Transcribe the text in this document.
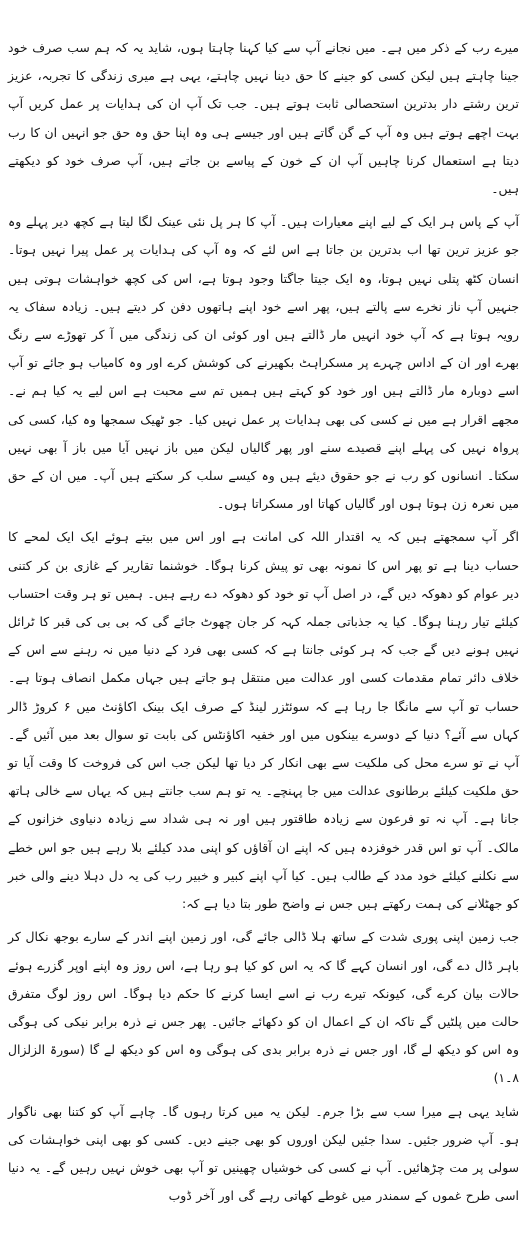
میرے رب کے ذکر میں ہے۔ میں نجانے آپ سے کیا کہنا چاہتا ہوں، شاید یہ کہ ہم سب صرف خود جینا چاہتے ہیں لیکن کسی کو جینے کا حق دینا نہیں چاہتے، یہی ہے میری زندگی کا تجربہ، عزیز ترین رشتے دار بدترین استحصالی ثابت ہوتے ہیں۔ جب تک آپ ان کی ہدایات پر عمل کریں آپ بہت اچھے ہوتے ہیں وہ آپ کے گن گاتے ہیں اور جیسے ہی وہ اپنا حق وہ حق جو انہیں ان کا رب دیتا ہے استعمال کرنا چاہیں آپ ان کے خون کے پیاسے بن جاتے ہیں، آپ صرف خود کو دیکھتے ہیں۔

آپ کے پاس ہر ایک کے لیے اپنے معیارات ہیں۔ آپ کا ہر پل نئی عینک لگا لیتا ہے کچھ دیر پہلے وہ جو عزیز ترین تھا اب بدترین بن جاتا ہے اس لئے کہ وہ آپ کی ہدایات پر عمل پیرا نہیں ہوتا۔ انسان کٹھ پتلی نہیں ہوتا، وہ ایک جیتا جاگتا وجود ہوتا ہے، اس کی کچھ خواہشات ہوتی ہیں جنہیں آپ ناز نخرے سے پالتے ہیں، پھر اسے خود اپنے ہاتھوں دفن کر دیتے ہیں۔ زیادہ سفاک یہ رویہ ہوتا ہے کہ آپ خود انہیں مار ڈالتے ہیں اور کوئی ان کی زندگی میں آ کر تھوڑے سے رنگ بھرے اور ان کے اداس چہرے پر مسکراہٹ بکھیرنے کی کوشش کرے اور وہ کامیاب ہو جائے تو آپ اسے دوبارہ مار ڈالتے ہیں اور خود کو کہتے ہیں ہمیں تم سے محبت ہے اس لیے یہ کیا ہم نے۔ مجھے اقرار ہے میں نے کسی کی بھی ہدایات پر عمل نہیں کیا۔ جو ٹھیک سمجھا وہ کیا، کسی کی پرواہ نہیں کی پہلے اپنے قصیدے سنے اور پھر گالیاں لیکن میں باز نہیں آیا میں باز آ بھی نہیں سکتا۔ انسانوں کو رب نے جو حقوق دیئے ہیں وہ کیسے سلب کر سکتے ہیں آپ۔ میں ان کے حق میں نعرہ زن ہوتا ہوں اور گالیاں کھاتا اور مسکراتا ہوں۔

اگر آپ سمجھتے ہیں کہ یہ اقتدار اللہ کی امانت ہے اور اس میں بیتے ہوئے ایک ایک لمحے کا حساب دینا ہے تو پھر اس کا نمونہ بھی تو پیش کرنا ہوگا۔ خوشنما تقاریر کے غازی بن کر کتنی دیر عوام کو دھوکہ دیں گے، در اصل آپ تو خود کو دھوکہ دے رہے ہیں۔ ہمیں تو ہر وقت احتساب کیلئے تیار رہنا ہوگا۔ کیا یہ جذباتی جملہ کہہ کر جان چھوٹ جائے گی کہ بی بی کی قبر کا ٹرائل نہیں ہونے دیں گے جب کہ ہر کوئی جانتا ہے کہ کسی بھی فرد کے دنیا میں نہ رہنے سے اس کے خلاف دائر تمام مقدمات کسی اور عدالت میں منتقل ہو جاتے ہیں جہاں مکمل انصاف ہوتا ہے۔ حساب تو آپ سے مانگا جا رہا ہے کہ سوئٹزر لینڈ کے صرف ایک بینک اکاؤنٹ میں ۶ کروڑ ڈالر کہاں سے آئے؟ دنیا کے دوسرے بینکوں میں اور خفیہ اکاؤنٹس کی بابت تو سوال بعد میں آئیں گے۔ آپ نے تو سرے محل کی ملکیت سے بھی انکار کر دیا تھا لیکن جب اس کی فروخت کا وقت آیا تو حق ملکیت کیلئے برطانوی عدالت میں جا پہنچے۔ یہ تو ہم سب جانتے ہیں کہ یہاں سے خالی ہاتھ جانا ہے۔ آپ نہ تو فرعون سے زیادہ طاقتور ہیں اور نہ ہی شداد سے زیادہ دنیاوی خزانوں کے مالک۔ آپ تو اس قدر خوفزدہ ہیں کہ اپنے ان آقاؤں کو اپنی مدد کیلئے بلا رہے ہیں جو اس خطے سے نکلنے کیلئے خود مدد کے طالب ہیں۔ کیا آپ اپنے کبیر و خبیر رب کی یہ دل دہلا دینے والی خبر کو جھٹلانے کی ہمت رکھتے ہیں جس نے واضح طور بتا دیا ہے کہ:

جب زمین اپنی پوری شدت کے ساتھ ہلا ڈالی جائے گی، اور زمین اپنے اندر کے سارے بوجھ نکال کر باہر ڈال دے گی، اور انسان کہے گا کہ یہ اس کو کیا ہو رہا ہے، اس روز وہ اپنے اوپر گزرے ہوئے حالات بیان کرے گی، کیونکہ تیرے رب نے اسے ایسا کرنے کا حکم دیا ہوگا۔ اس روز لوگ متفرق حالت میں پلٹیں گے تاکہ ان کے اعمال ان کو دکھائے جائیں۔ پھر جس نے ذرہ برابر نیکی کی ہوگی وہ اس کو دیکھ لے گا، اور جس نے ذرہ برابر بدی کی ہوگی وہ اس کو دیکھ لے گا (سورۃ الزلزال ۸۔۱)

شاید یہی ہے میرا سب سے بڑا جرم۔ لیکن یہ میں کرتا رہوں گا۔ چاہے آپ کو کتنا بھی ناگوار ہو۔ آپ ضرور جئیں۔ سدا جئیں لیکن اوروں کو بھی جینے دیں۔ کسی کو بھی اپنی خواہشات کی سولی پر مت چڑھائیں۔ آپ نے کسی کی خوشیاں چھینیں تو آپ بھی خوش نہیں رہیں گے۔ یہ دنیا اسی طرح غموں کے سمندر میں غوطے کھاتی رہے گی اور آخر ڈوب
